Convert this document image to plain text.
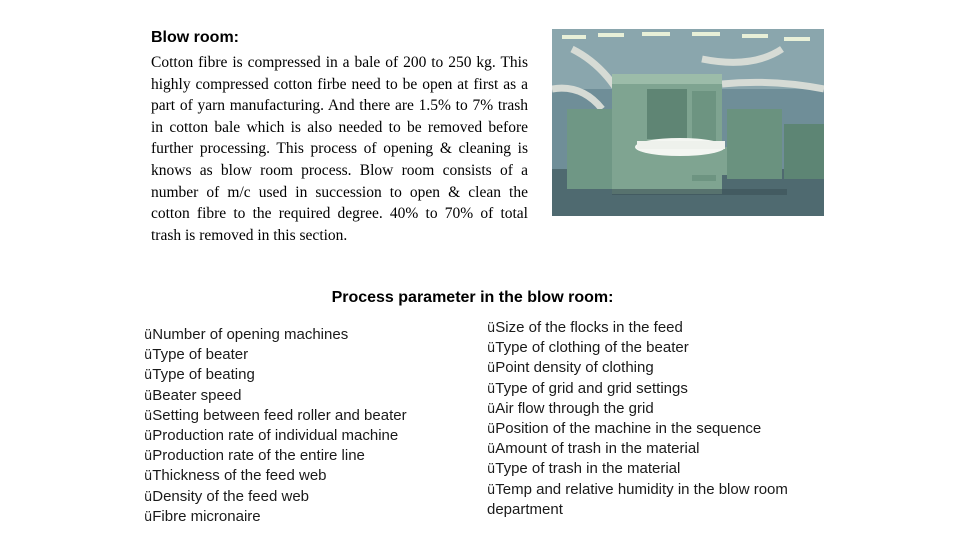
Blow room:

Cotton fibre is compressed in a bale of 200 to 250 kg. This highly compressed cotton firbe need to be open at first as a part of yarn manufacturing. And there are 1.5% to 7% trash in cotton bale which is also needed to be removed before further processing. This process of opening & cleaning is knows as blow room process. Blow room consists of a number of m/c used in succession to open & clean the cotton fibre to the required degree. 40% to 70% of total trash is removed in this section.

Process parameter in the blow room:
üNumber of opening machines
üType of beater
üType of beating
üBeater speed
üSetting between feed roller and beater
üProduction rate of individual machine
üProduction rate of the entire line
üThickness of the feed web
üDensity of the feed web
üFibre micronaire
üSize of the flocks in the feed
üType of clothing of the beater
üPoint density of clothing
üType of grid and grid settings
üAir flow through the grid
üPosition of the machine in the sequence
üAmount of trash in the material
üType of trash in the material
üTemp and relative humidity in the blow room department
